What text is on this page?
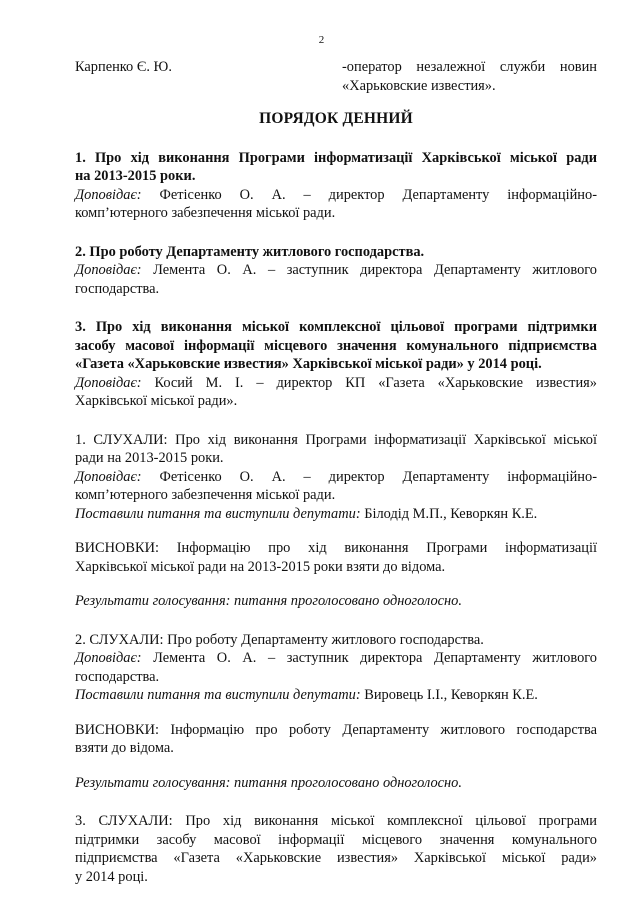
2
Карпенко Є. Ю.	-оператор незалежної служби новин
«Харьковские известия».
ПОРЯДОК ДЕННИЙ
1. Про хід виконання Програми інформатизації Харківської міської ради
на 2013-2015 роки.
Доповідає: Фетісенко О. А. – директор Департаменту інформаційно-
комп’ютерного забезпечення міської ради.
2. Про роботу Департаменту житлового господарства.
Доповідає: Лемента О. А. – заступник директора Департаменту житлового
господарства.
3. Про хід виконання міської комплексної цільової програми підтримки
засобу масової інформації місцевого значення комунального підприємства
«Газета «Харьковские известия» Харківської міської ради» у 2014 році.
Доповідає: Косий М. І. – директор КП «Газета «Харьковские известия»
Харківської міської ради».
1. СЛУХАЛИ: Про хід виконання Програми інформатизації Харківської міської
ради на 2013-2015 роки.
Доповідає: Фетісенко О. А. – директор Департаменту інформаційно-
комп’ютерного забезпечення міської ради.
Поставили питання та виступили депутати: Білодід М.П., Кеворкян К.Е.
ВИСНОВКИ: Інформацію про хід виконання Програми інформатизації
Харківської міської ради на 2013-2015 роки взяти до відома.
Результати голосування: питання проголосовано одноголосно.
2. СЛУХАЛИ: Про роботу Департаменту житлового господарства.
Доповідає: Лемента О. А. – заступник директора Департаменту житлового
господарства.
Поставили питання та виступили депутати: Вировець І.І., Кеворкян К.Е.
ВИСНОВКИ: Інформацію про роботу Департаменту житлового господарства
взяти до відома.
Результати голосування: питання проголосовано одноголосно.
3. СЛУХАЛИ: Про хід виконання міської комплексної цільової програми
підтримки засобу масової інформації місцевого значення комунального
підприємства «Газета «Харьковские известия» Харківської міської ради»
у 2014 році.
